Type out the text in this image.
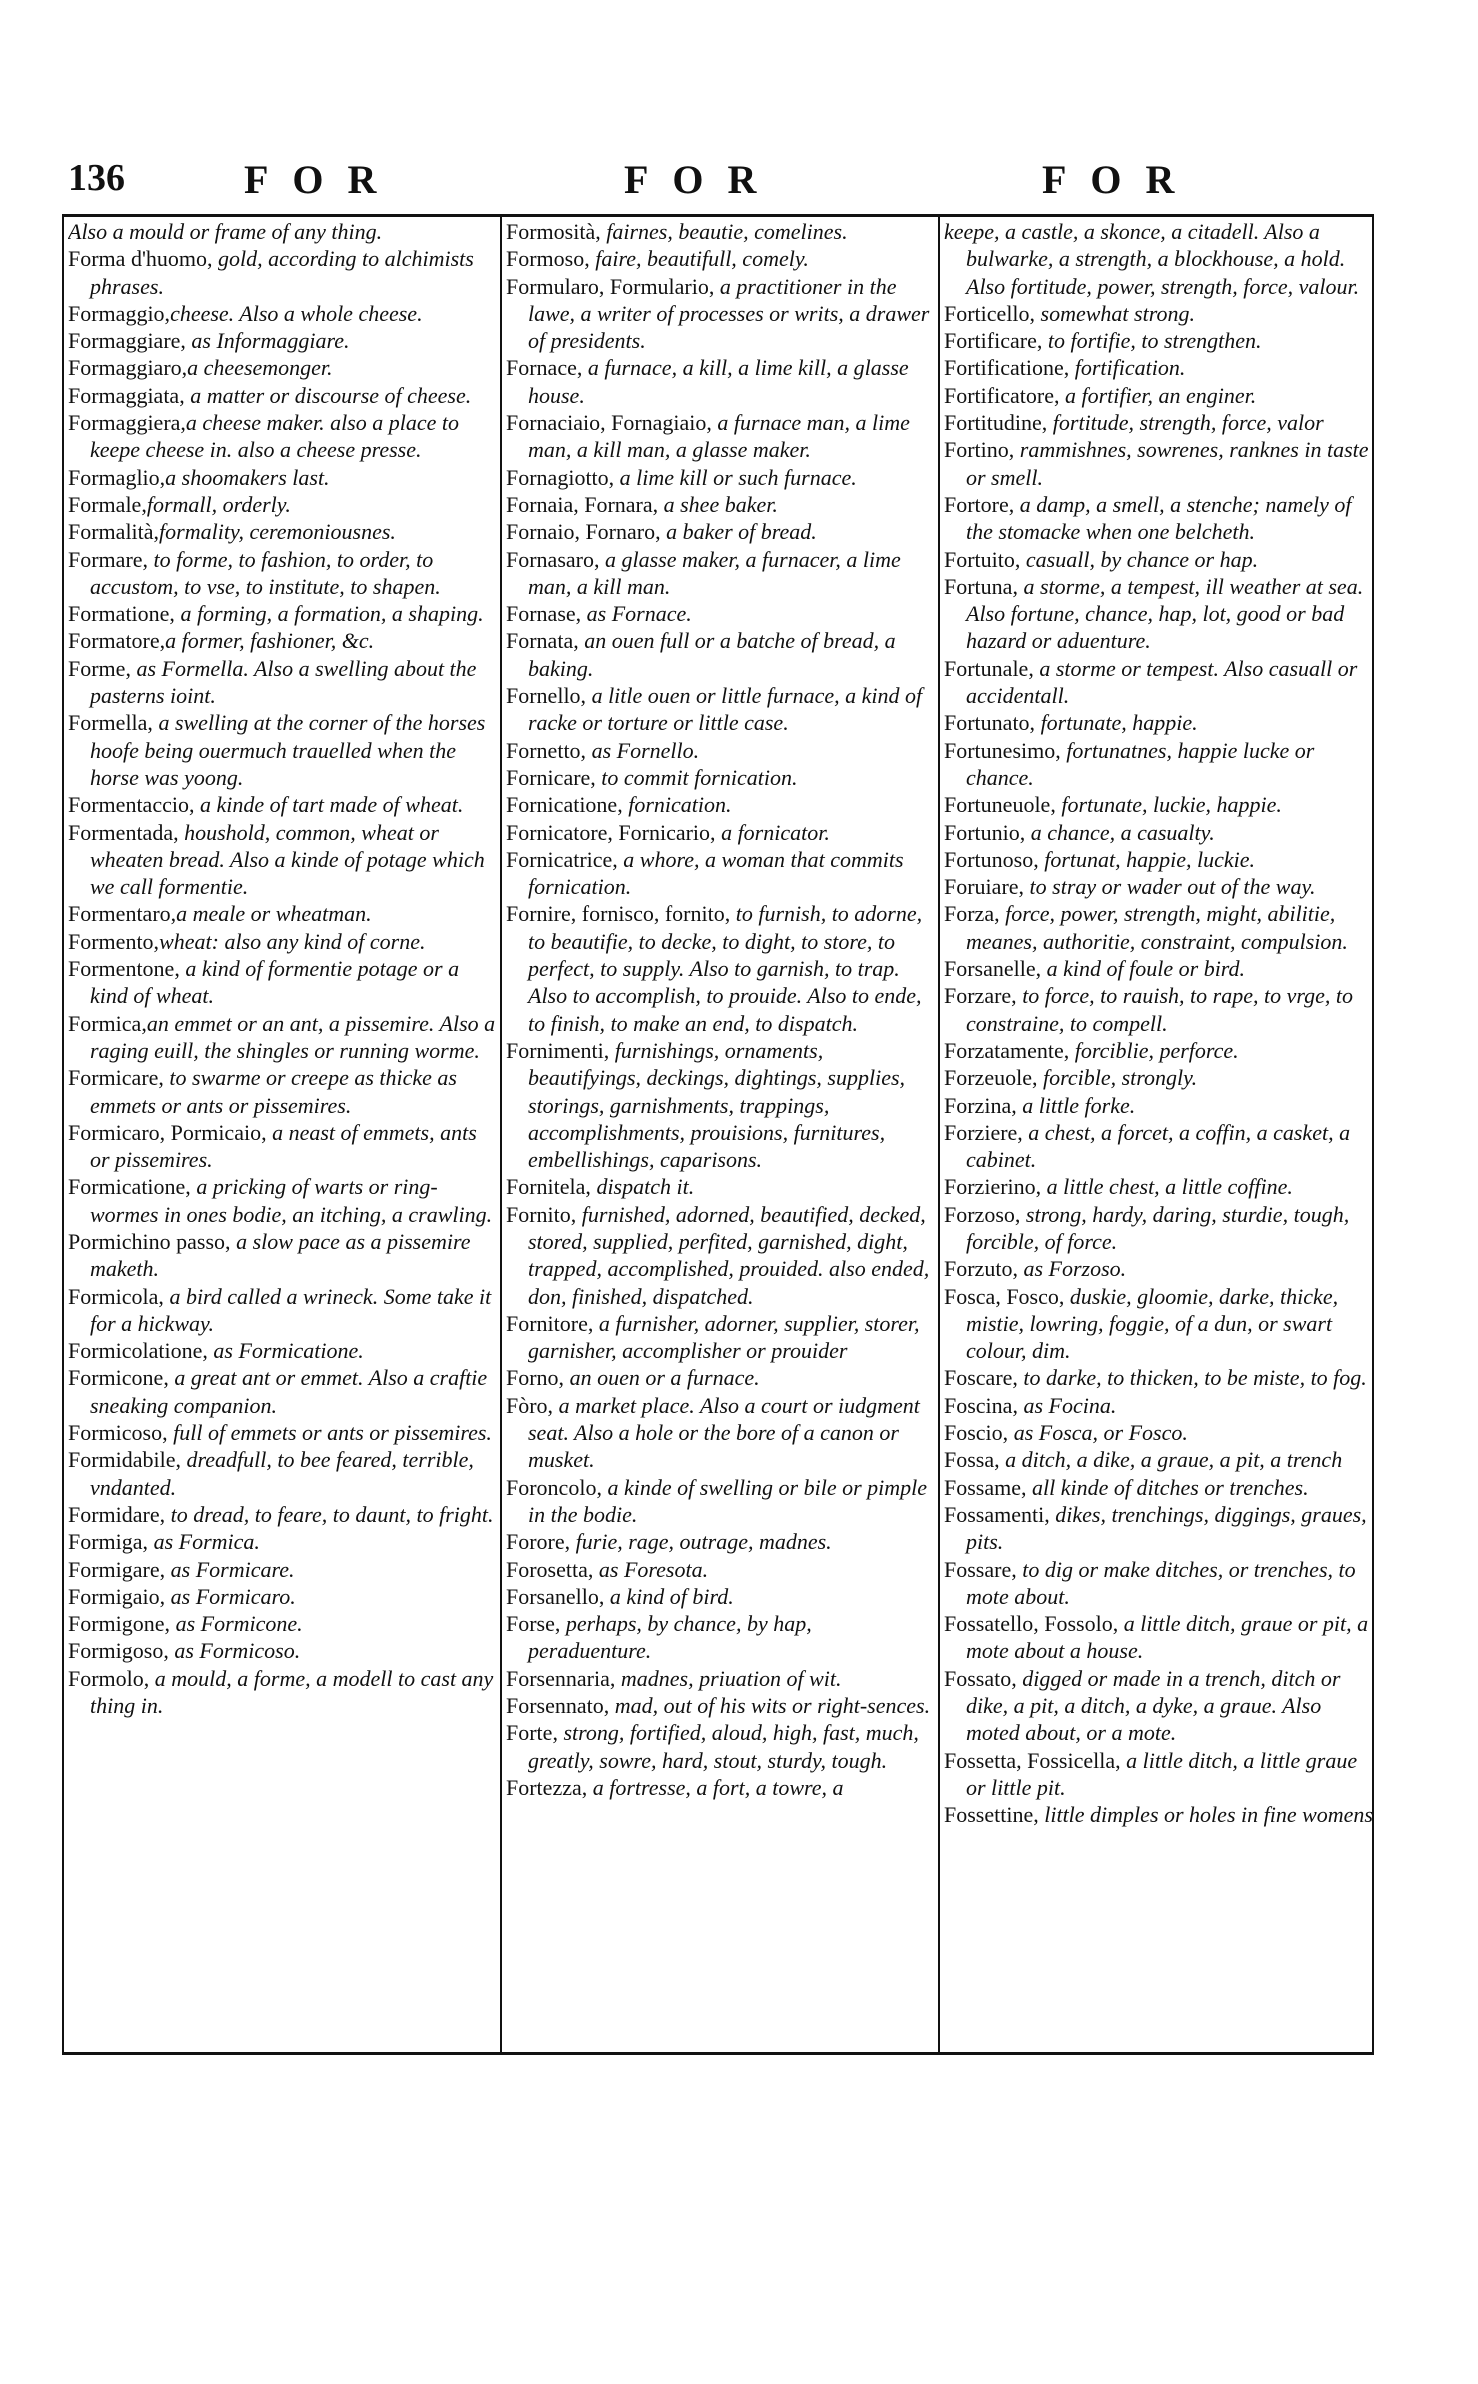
136	FOR	FOR	FOR

Also a mould or frame of any thing.

Forma d'huomo, gold, according to alchimists phrases.

Formaggio,cheese. Also a whole cheese.

Formaggiare, as Informaggiare.

Formaggiaro,a cheesemonger.

Formaggiata, a matter or discourse of cheese.

Formaggiera,a cheese maker. also a place to keepe cheese in. also a cheese presse.

Formaglio,a shoomakers last.

Formale,formall, orderly.

Formalità,formality, ceremoniousnes.

Formare, to forme, to fashion, to order, to accustom, to vse, to institute, to shapen.

Formatione, a forming, a formation, a shaping.

Formatore,a former, fashioner, &c.

Forme, as Formella. Also a swelling about the pasterns ioint.

Formella, a swelling at the corner of the horses hoofe being ouermuch trauelled when the horse was yoong.

Formentaccio, a kinde of tart made of wheat.

Formentada, houshold, common, wheat or wheaten bread. Also a kinde of potage which we call formentie.

Formentaro,a meale or wheatman.

Formento,wheat: also any kind of corne.

Formentone, a kind of formentie potage or a kind of wheat.

Formica,an emmet or an ant, a pissemire. Also a raging euill, the shingles or running worme.

Formicare, to swarme or creepe as thicke as emmets or ants or pissemires.

Formicaro, Pormicaio, a neast of emmets, ants or pissemires.

Formicatione, a pricking of warts or ring-wormes in ones bodie, an itching, a crawling.

Pormichino passo, a slow pace as a pissemire maketh.

Formicola, a bird called a wrineck. Some take it for a hickway.

Formicolatione, as Formicatione.

Formicone, a great ant or emmet. Also a craftie sneaking companion.

Formicoso, full of emmets or ants or pissemires.

Formidabile, dreadfull, to bee feared, terrible, vndanted.

Formidare, to dread, to feare, to daunt, to fright.

Formiga, as Formica.

Formigare, as Formicare.

Formigaio, as Formicaro.

Formigone, as Formicone.

Formigoso, as Formicoso.

Formolo, a mould, a forme, a modell to cast any thing in.

Formosità, fairnes, beautie, comelines.

Formoso, faire, beautifull, comely.

Formularo, Formulario, a practitioner in the lawe, a writer of processes or writs, a drawer of presidents.

Fornace, a furnace, a kill, a lime kill, a glasse house.

Fornaciaio, Fornagiaio, a furnace man, a lime man, a kill man, a glasse maker.

Fornagiotto, a lime kill or such furnace.

Fornaia, Fornara, a shee baker.

Fornaio, Fornaro, a baker of bread.

Fornasaro, a glasse maker, a furnacer, a lime man, a kill man.

Fornase, as Fornace.

Fornata, an ouen full or a batche of bread, a baking.

Fornello, a litle ouen or little furnace, a kind of racke or torture or little case.

Fornetto, as Fornello.

Fornicare, to commit fornication.

Fornicatione, fornication.

Fornicatore, Fornicario, a fornicator.

Fornicatrice, a whore, a woman that commits fornication.

Fornire, fornisco, fornito, to furnish, to adorne, to beautifie, to decke, to dight, to store, to perfect, to supply. Also to garnish, to trap. Also to accomplish, to prouide. Also to ende, to finish, to make an end, to dispatch.

Fornimenti, furnishings, ornaments, beautifyings, deckings, dightings, supplies, storings, garnishments, trappings, accomplishments, prouisions, furnitures, embellishings, caparisons.

Fornitela, dispatch it.

Fornito, furnished, adorned, beautified, decked, stored, supplied, perfited, garnished, dight, trapped, accomplished, prouided. also ended, don, finished, dispatched.

Fornitore, a furnisher, adorner, supplier, storer, garnisher, accomplisher or prouider

Forno, an ouen or a furnace.

Fòro, a market place. Also a court or iudgment seat. Also a hole or the bore of a canon or musket.

Foroncolo, a kinde of swelling or bile or pimple in the bodie.

Forore, furie, rage, outrage, madnes.

Forosetta, as Foresota.

Forsanello, a kind of bird.

Forse, perhaps, by chance, by hap, peraduenture.

Forsennaria, madnes, priuation of wit.

Forsennato, mad, out of his wits or right-sences.

Forte, strong, fortified, aloud, high, fast, much, greatly, sowre, hard, stout, sturdy, tough.

Fortezza, a fortresse, a fort, a towre, a

keepe, a castle, a skonce, a citadell. Also a bulwarke, a strength, a blockhouse, a hold. Also fortitude, power, strength, force, valour.

Forticello, somewhat strong.

Fortificare, to fortifie, to strengthen.

Fortificatione, fortification.

Fortificatore, a fortifier, an enginer.

Fortitudine, fortitude, strength, force, valor

Fortino, rammishnes, sowrenes, ranknes in taste or smell.

Fortore, a damp, a smell, a stenche; namely of the stomacke when one belcheth.

Fortuito, casuall, by chance or hap.

Fortuna, a storme, a tempest, ill weather at sea. Also fortune, chance, hap, lot, good or bad hazard or aduenture.

Fortunale, a storme or tempest. Also casuall or accidentall.

Fortunato, fortunate, happie.

Fortunesimo, fortunatnes, happie lucke or chance.

Fortuneuole, fortunate, luckie, happie.

Fortunio, a chance, a casualty.

Fortunoso, fortunat, happie, luckie.

Foruiare, to stray or wader out of the way.

Forza, force, power, strength, might, abilitie, meanes, authoritie, constraint, compulsion.

Forsanelle, a kind of foule or bird.

Forzare, to force, to rauish, to rape, to vrge, to constraine, to compell.

Forzatamente, forciblie, perforce.

Forzeuole, forcible, strongly.

Forzina, a little forke.

Forziere, a chest, a forcet, a coffin, a casket, a cabinet.

Forzierino, a little chest, a little coffine.

Forzoso, strong, hardy, daring, sturdie, tough, forcible, of force.

Forzuto, as Forzoso.

Fosca, Fosco, duskie, gloomie, darke, thicke, mistie, lowring, foggie, of a dun, or swart colour, dim.

Foscare, to darke, to thicken, to be miste, to fog.

Foscina, as Focina.

Foscio, as Fosca, or Fosco.

Fossa, a ditch, a dike, a graue, a pit, a trench

Fossame, all kinde of ditches or trenches.

Fossamenti, dikes, trenchings, diggings, graues, pits.

Fossare, to dig or make ditches, or trenches, to mote about.

Fossatello, Fossolo, a little ditch, graue or pit, a mote about a house.

Fossato, digged or made in a trench, ditch or dike, a pit, a ditch, a dyke, a graue. Also moted about, or a mote.

Fossetta, Fossicella, a little ditch, a little graue or little pit.

Fossettine, little dimples or holes in fine womens
